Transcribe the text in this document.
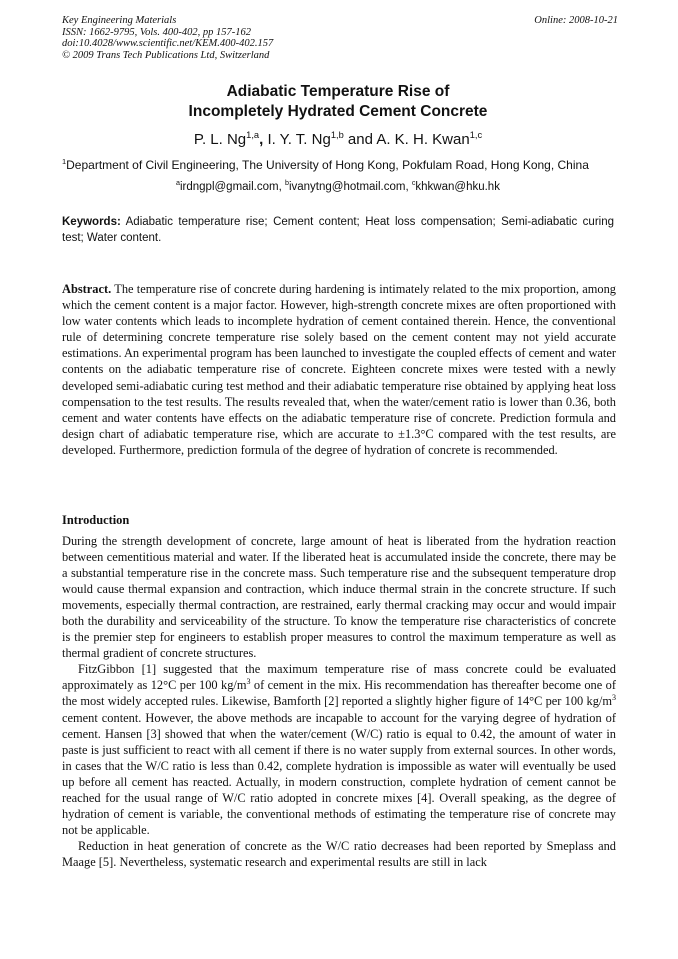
Key Engineering Materials
ISSN: 1662-9795, Vols. 400-402, pp 157-162
doi:10.4028/www.scientific.net/KEM.400-402.157
© 2009 Trans Tech Publications Ltd, Switzerland
Online: 2008-10-21
Adiabatic Temperature Rise of
Incompletely Hydrated Cement Concrete
P. L. Ng$^{1,a}$, I. Y. T. Ng$^{1,b}$ and A. K. H. Kwan$^{1,c}$
$^1$Department of Civil Engineering, The University of Hong Kong, Pokfulam Road, Hong Kong, China
$^a$irdngpl@gmail.com, $^b$ivanytng@hotmail.com, $^c$khkwan@hku.hk
Keywords: Adiabatic temperature rise; Cement content; Heat loss compensation; Semi-adiabatic curing test; Water content.
Abstract. The temperature rise of concrete during hardening is intimately related to the mix proportion, among which the cement content is a major factor. However, high-strength concrete mixes are often proportioned with low water contents which leads to incomplete hydration of cement contained therein. Hence, the conventional rule of determining concrete temperature rise solely based on the cement content may not yield accurate estimations. An experimental program has been launched to investigate the coupled effects of cement and water contents on the adiabatic temperature rise of concrete. Eighteen concrete mixes were tested with a newly developed semi-adiabatic curing test method and their adiabatic temperature rise obtained by applying heat loss compensation to the test results. The results revealed that, when the water/cement ratio is lower than 0.36, both cement and water contents have effects on the adiabatic temperature rise of concrete. Prediction formula and design chart of adiabatic temperature rise, which are accurate to ±1.3°C compared with the test results, are developed. Furthermore, prediction formula of the degree of hydration of concrete is recommended.
Introduction

During the strength development of concrete, large amount of heat is liberated from the hydration reaction between cementitious material and water. If the liberated heat is accumulated inside the concrete, there may be a substantial temperature rise in the concrete mass. Such temperature rise and the subsequent temperature drop would cause thermal expansion and contraction, which induce thermal strain in the concrete structure. If such movements, especially thermal contraction, are restrained, early thermal cracking may occur and would impair both the durability and serviceability of the structure. To know the temperature rise characteristics of concrete is the premier step for engineers to establish proper measures to control the maximum temperature as well as thermal gradient of concrete structures.

FitzGibbon [1] suggested that the maximum temperature rise of mass concrete could be evaluated approximately as 12°C per 100 $kg/m^3$ of cement in the mix. His recommendation has thereafter become one of the most widely accepted rules. Likewise, Bamforth [2] reported a slightly higher figure of 14°C per 100 $kg/m^3$ cement content. However, the above methods are incapable to account for the varying degree of hydration of cement. Hansen [3] showed that when the water/cement (W/C) ratio is equal to 0.42, the amount of water in paste is just sufficient to react with all cement if there is no water supply from external sources. In other words, in cases that the W/C ratio is less than 0.42, complete hydration is impossible as water will eventually be used up before all cement has reacted. Actually, in modern construction, complete hydration of cement cannot be reached for the usual range of W/C ratio adopted in concrete mixes [4]. Overall speaking, as the degree of hydration of cement is variable, the conventional methods of estimating the temperature rise of concrete may not be applicable.

Reduction in heat generation of concrete as the W/C ratio decreases had been reported by Smeplass and Maage [5]. Nevertheless, systematic research and experimental results are still in lack
